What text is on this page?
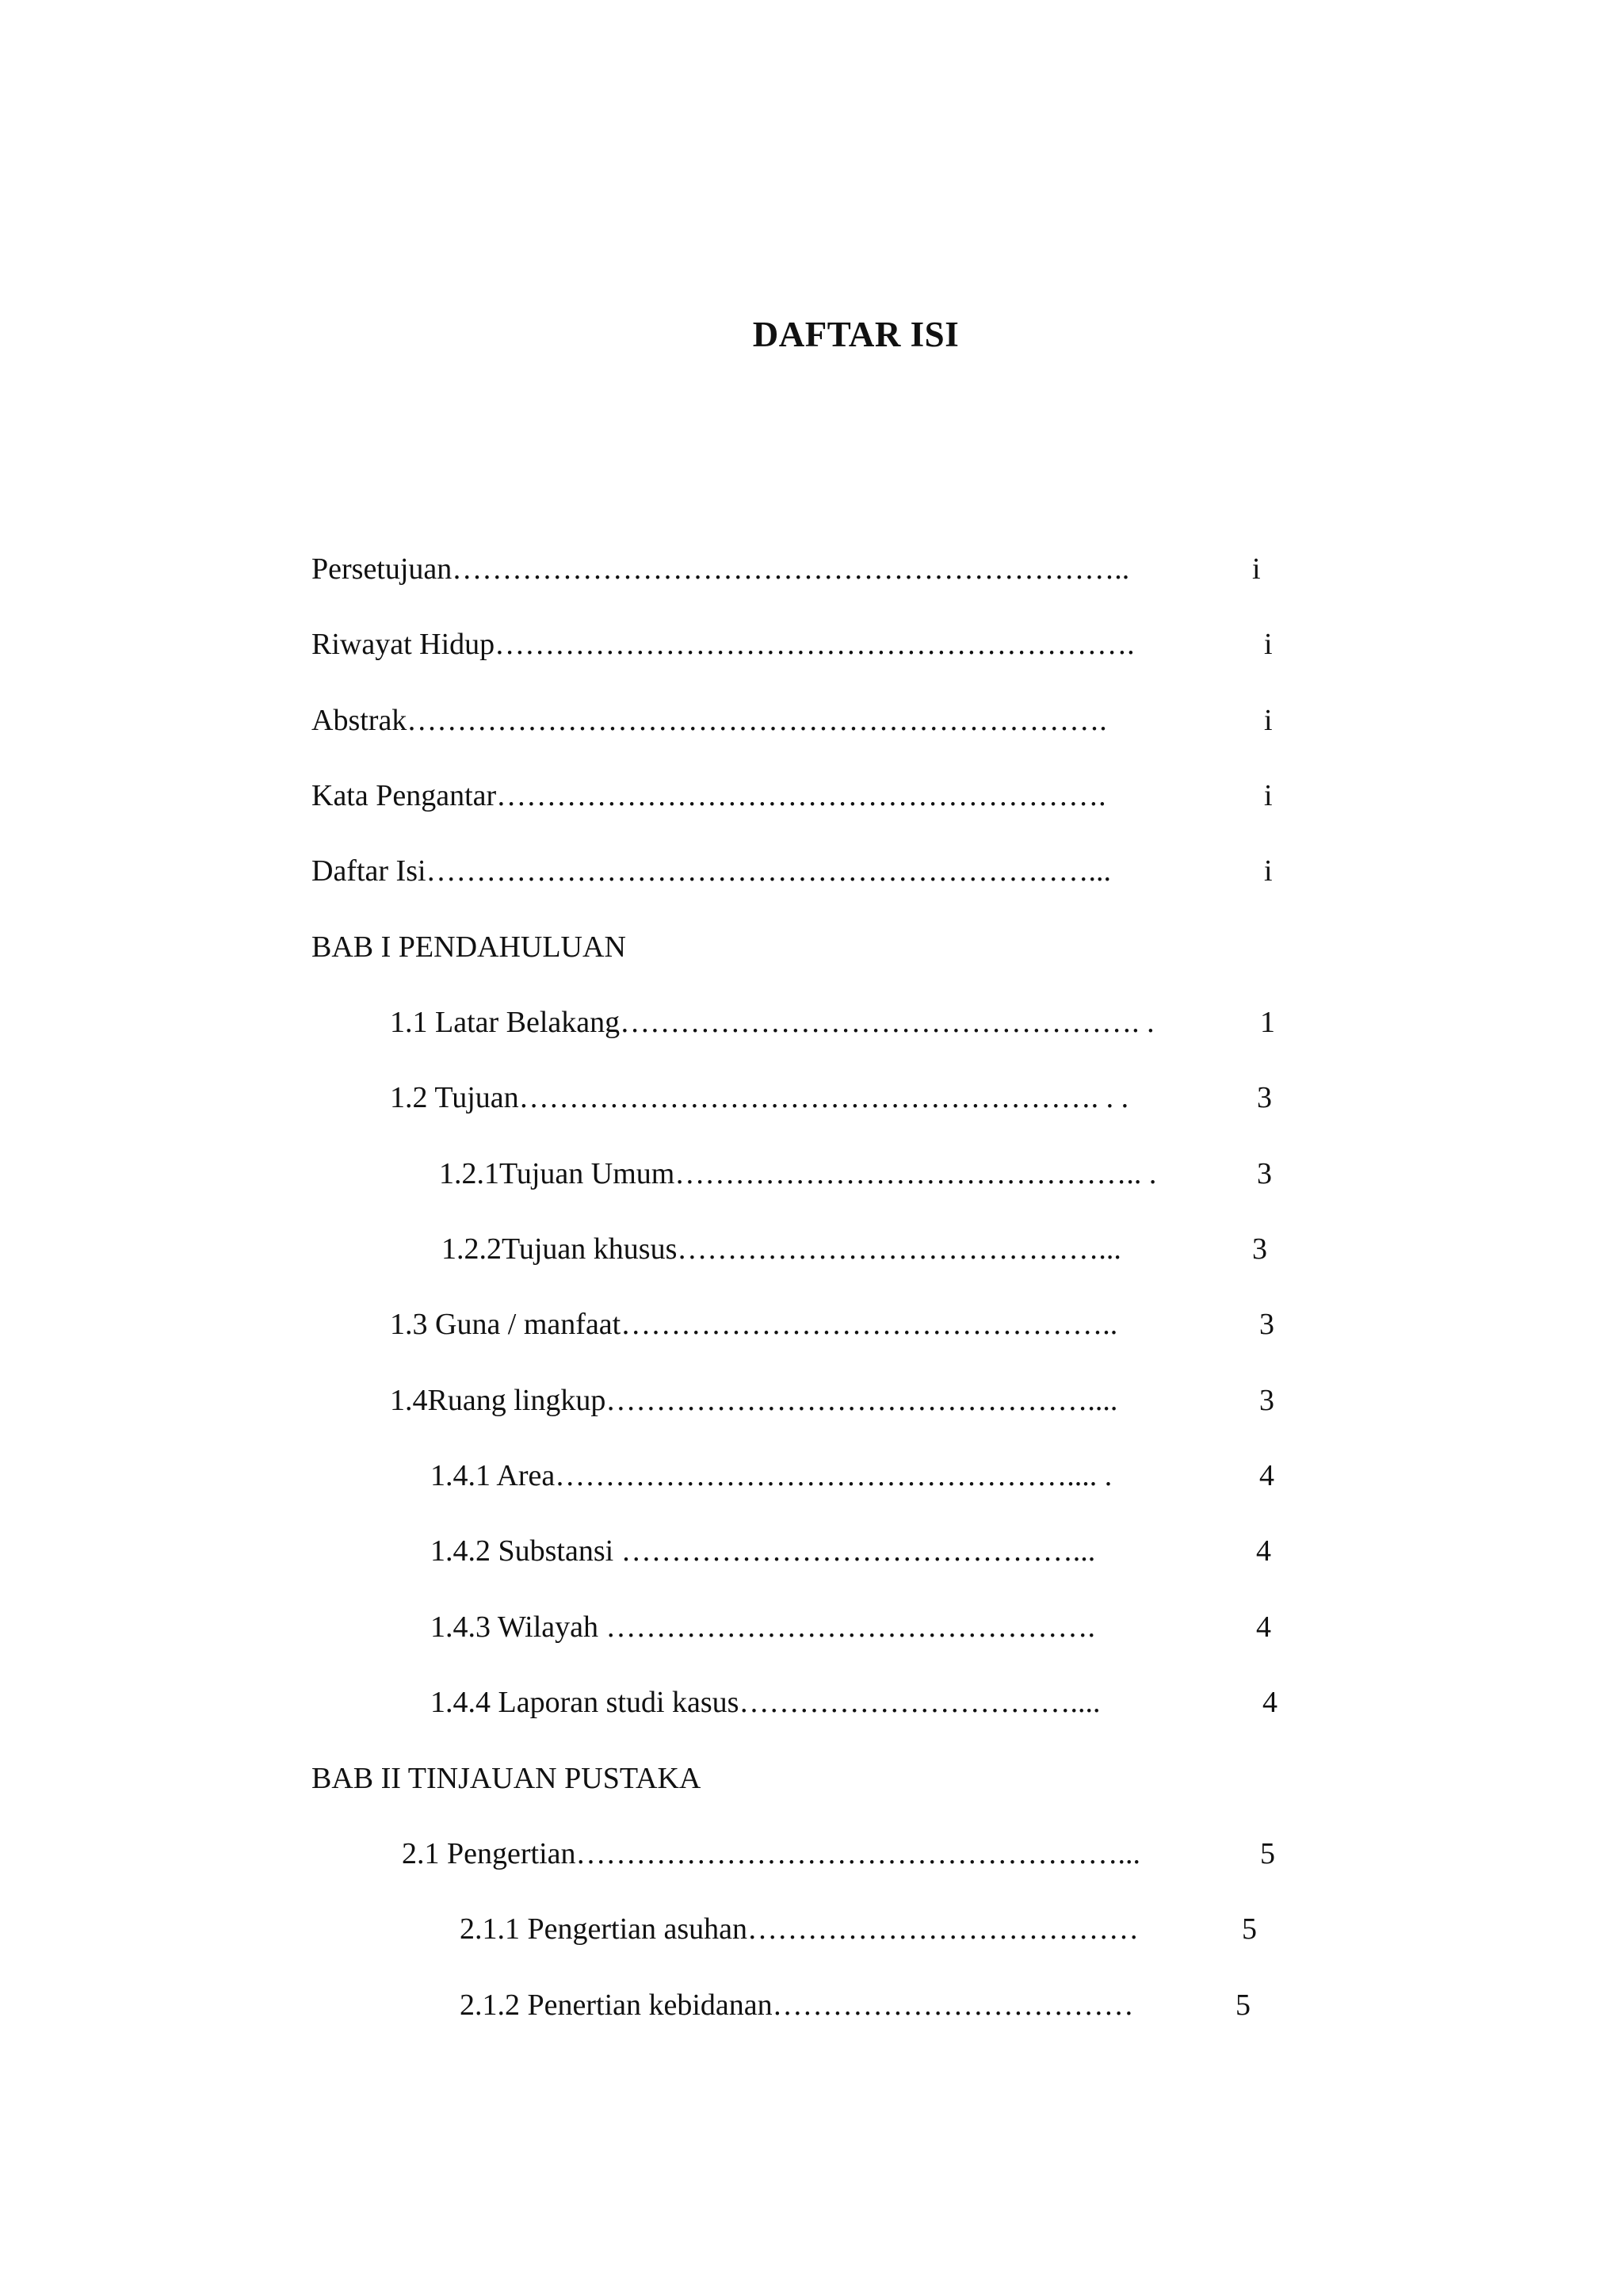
DAFTAR ISI
Persetujuan…………………………………………………………..	i
Riwayat Hidup……………………………………………………….	i
Abstrak…………………………………………………………….	i
Kata Pengantar…………………………………………………….	i
Daftar Isi…………………………………………………………...	i
BAB I PENDAHULUAN
1.1 Latar Belakang……………………………………………. .	1
1.2 Tujuan…………………………………………………. . .	3
1.2.1Tujuan Umum……………………………………….. .	3
1.2.2Tujuan khusus……………………………………...	3
1.3 Guna / manfaat…………………………………………..	3
1.4Ruang lingkup…………………………………………....	3
1.4.1 Area…………………………………………….... .	4
1.4.2 Substansi ………………………………………...	4
1.4.3 Wilayah ………………………………………….	4
1.4.4 Laporan studi kasus……………………………....	4
BAB II TINJAUAN PUSTAKA
2.1 Pengertian………………………………………………...	5
2.1.1 Pengertian asuhan…………………………………	5
2.1.2 Penertian kebidanan………………………………	5
